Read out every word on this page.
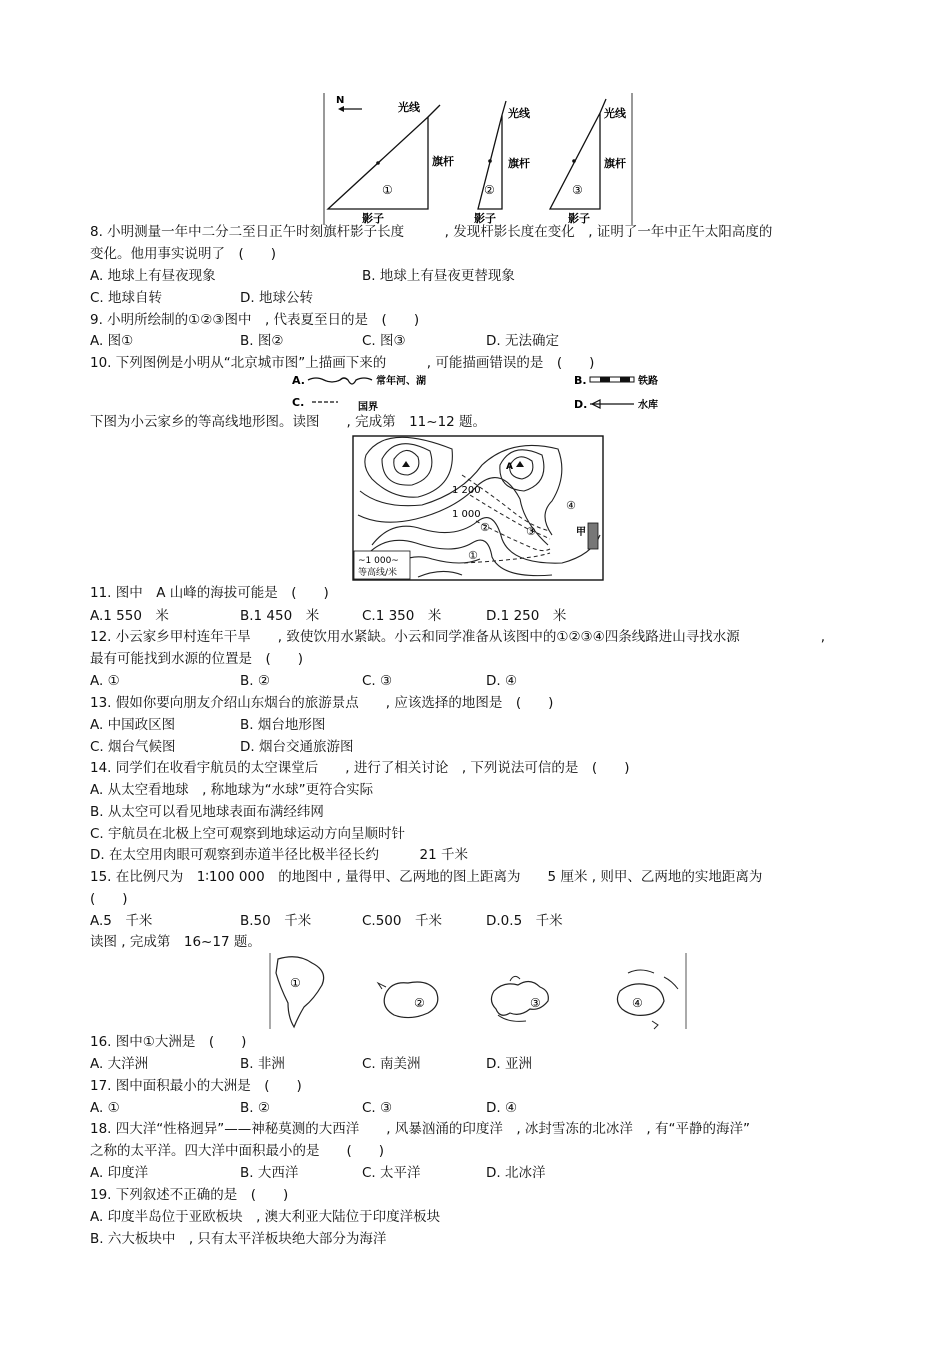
N
光线
旗杆
①
影子
光线
旗杆
②
影子
光线
旗杆
③
影子
8. 小明测量一年中二分二至日正午时刻旗杆影子长度　　　, 发现杆影长度在变化　, 证明了一年中正午太阳高度的
变化。他用事实说明了　(　　)
A. 地球上有昼夜现象	B. 地球上有昼夜更替现象
C. 地球自转	D. 地球公转
9. 小明所绘制的①②③图中　, 代表夏至日的是　(　　)
A. 图①	B. 图②	C. 图③	D. 无法确定
10. 下列图例是小明从“北京城市图”上描画下来的　　　, 可能描画错误的是　(　　)
A.	常年河、湖	B.	铁路
C.	国界	D.	水库
下图为小云家乡的等高线地形图。读图　　, 完成第　11~12 题。
A
1 200
1 000
④
②	③
①
甲
~1 000~
等高线/米
11. 图中　A 山峰的海拔可能是　(　　)
A.1 550　米	B.1 450　米	C.1 350　米	D.1 250　米
12. 小云家乡甲村连年干旱　　, 致使饮用水紧缺。小云和同学准备从该图中的①②③④四条线路进山寻找水源　　　　　　,
最有可能找到水源的位置是　(　　)
A. ①	B. ②	C. ③	D. ④
13. 假如你要向朋友介绍山东烟台的旅游景点　　, 应该选择的地图是　(　　)
A. 中国政区图	B. 烟台地形图
C. 烟台气候图	D. 烟台交通旅游图
14. 同学们在收看宇航员的太空课堂后　　, 进行了相关讨论　, 下列说法可信的是　(　　)
A. 从太空看地球　, 称地球为“水球”更符合实际
B. 从太空可以看见地球表面布满经纬网
C. 宇航员在北极上空可观察到地球运动方向呈顺时针
D. 在太空用肉眼可观察到赤道半径比极半径长约　　　21 千米
15. 在比例尺为　1∶100 000　的地图中 , 量得甲、乙两地的图上距离为　　5 厘米 , 则甲、乙两地的实地距离为
(　　)
A.5　千米	B.50　千米	C.500　千米	D.0.5　千米
读图 , 完成第　16~17 题。
①
②	③	④
16. 图中①大洲是　(　　)
A. 大洋洲	B. 非洲	C. 南美洲	D. 亚洲
17. 图中面积最小的大洲是　(　　)
A. ①	B. ②	C. ③	D. ④
18. 四大洋“性格迥异”——神秘莫测的大西洋　　, 风暴汹涌的印度洋　, 冰封雪冻的北冰洋　, 有“平静的海洋”
之称的太平洋。四大洋中面积最小的是　　(　　)
A. 印度洋	B. 大西洋	C. 太平洋	D. 北冰洋
19. 下列叙述不正确的是　(　　)
A. 印度半岛位于亚欧板块　, 澳大利亚大陆位于印度洋板块
B. 六大板块中　, 只有太平洋板块绝大部分为海洋
